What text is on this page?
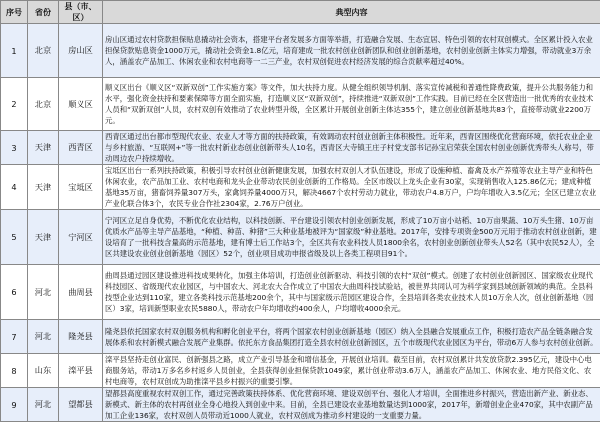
序号	省份	县（市、区）	典型内容
1	北京	房山区	房山区通过农村贷款担保贴息撬动社会资本，搭建平台者发展多方面等举措，打造融合发展、生态宜居、特色引领的农村双创模式。全区累计投入农业担保贷款贴息资金1000万元，撬动社会资金1.8亿元，培育建成一批农村创业创新团队和创业创新基地，农村创业创新主体实力增强，带动就业3万余人，涵盖农产品加工、休闲农业和农村电商等一二三产业，农村双创促进农村经济发展的综合贡献率超过40%。
2	北京	顺义区	顺义区出台《顺义区“双新双创”工作实施方案》等文件，加大扶持力度。从健全组织领导机制、落实宣传减税和普通性降费政策，提升公共服务能力和水平，强化资金扶持和要素保障等方面全面实施，打造顺义区“双新双创”，持续推进“双新双创”工作实践。目前已经在全区营造出一批优秀的农业技术人员和“双新双创”人员，农村双创有效推动了农业转型升级，全区累计开展创业创新主体达355个，建立创业创新基地共83个，直接带动就业2200万元。
3	天津	西青区	西青区通过出台都市型现代农业、农业人才等方面的扶持政策，有效调动农村创业创新主体积极性。近年来，西青区围绕优化营商环境，依托农业企业与乡村旅游、“互联网+”等一批农村新业态创业创新带头人10名，西青区大寺镇王庄子村党支部书记孙宝启荣获全国农村创业创新优秀带头人称号，带动周边农户持续增收。
4	天津	宝坻区	宝坻区出台一系列扶持政策，积极引导农村创业创新健康发展，加强农村双创人才队伍建设，形成了设施种植、畜禽及水产养殖等农业主导产业和特色休闲农业，农产品加工业、农村电商和龙头企业带动农民创业创新的工作格局。全区市级以上龙头企业有30家，实现销售收入125.86亿元；建成种植基地35万亩，猪畜饲养量307万头，家禽饲养量4000万只，解决4667个农村劳动力就业，带动农户4.8万户，户均年增收入3.5亿元；全区已建立农业产业化联合体3个，农民专业合作社2304家，2.76万户创业。
5	天津	宁河区	宁河区立足自身优势，不断优化农业结构，以科技创新、平台建设引领农村创业创新发展，形成了10万亩小站稻、10万亩果蔬、10万头生猪、10万亩优质水产品等主导产品基地，“种植、种苗、种猪”三大种业基地被评为“国家级”种业基地。2017年，安排专项资金500万元用于推动农村创业创新，建设培育了一批科技含量高的示范基地，建有博士后工作站3个，全区共有农业科技人员1800余名，农村创业创新创业带头人52名（其中农民52人），全区共建设农业创业创新基地（园区）52个，创业项目成功申报省级及以上各类工程项目91个。
6	河北	曲周县	曲周县通过园区建设推进科技成果转化，加强主体培训，打造创业创新驱动、科技引领的农村“双创”模式。创建了农村创业创新园区、国家级农业现代科技园区、省级现代农业园区，与中国农大、河北农大合作成立了中国农大曲周科技试验站，被世界共同认可为科学家到县域创新领域的典范。全县科技型企业达到110家，建立各类科技示范基地200余个，其中与国家级示范园区建设合作，全县培训各类农业技术人员10万余人次，创业创新基地（园区）3家，培训新型职业农民5880人，带动农户年均增收约400余人，户均增收4000余元。
7	河北	隆尧县	隆尧县依托国家农村双创服务机构和孵化创业平台，将两个国家农村创业创新基地（园区）纳入全县融合发展重点工作，积极打造农产品全链条融合发展体系和农村新模式融合发展产业集群。依托东方食品集团打造全县农村创业创新园区，五个市级现代农业园区为平台，带动6万人参与农村创业创新。
8	山东	滦平县	滦平县坚持走创业富民、创新强县之路，成立产业引导基金和增信基金，开展创业培训。截至目前，农村双创累计共发放贷款2.395亿元，建设中心电商服务站，带动1万多名乡村返乡人员创业，全县获得创业担保贷款1049家，累计创业带动3.6万人，涵盖农产品加工、休闲农业、地方民俗文化、农村电商等，农村双创成为助推滦平县乡村振兴的重要引擎。
9	河北	望都县	望都县高度重视农村双创工作，通过完善政策扶持体系、优化营商环境、建设双创平台、强化人才培训，全面推进乡村振兴，营造出新产业、新业态、新模式、新主体的农村再创业全身心地投入到创业中来。目前，全县已建设农业基地数量达到1000家，2017年，新增创业企业470家，其中农副产品加工企业136家，农村双创人员带动近1000人就业，农村双创成为推动乡村建设的一支重要力量。
